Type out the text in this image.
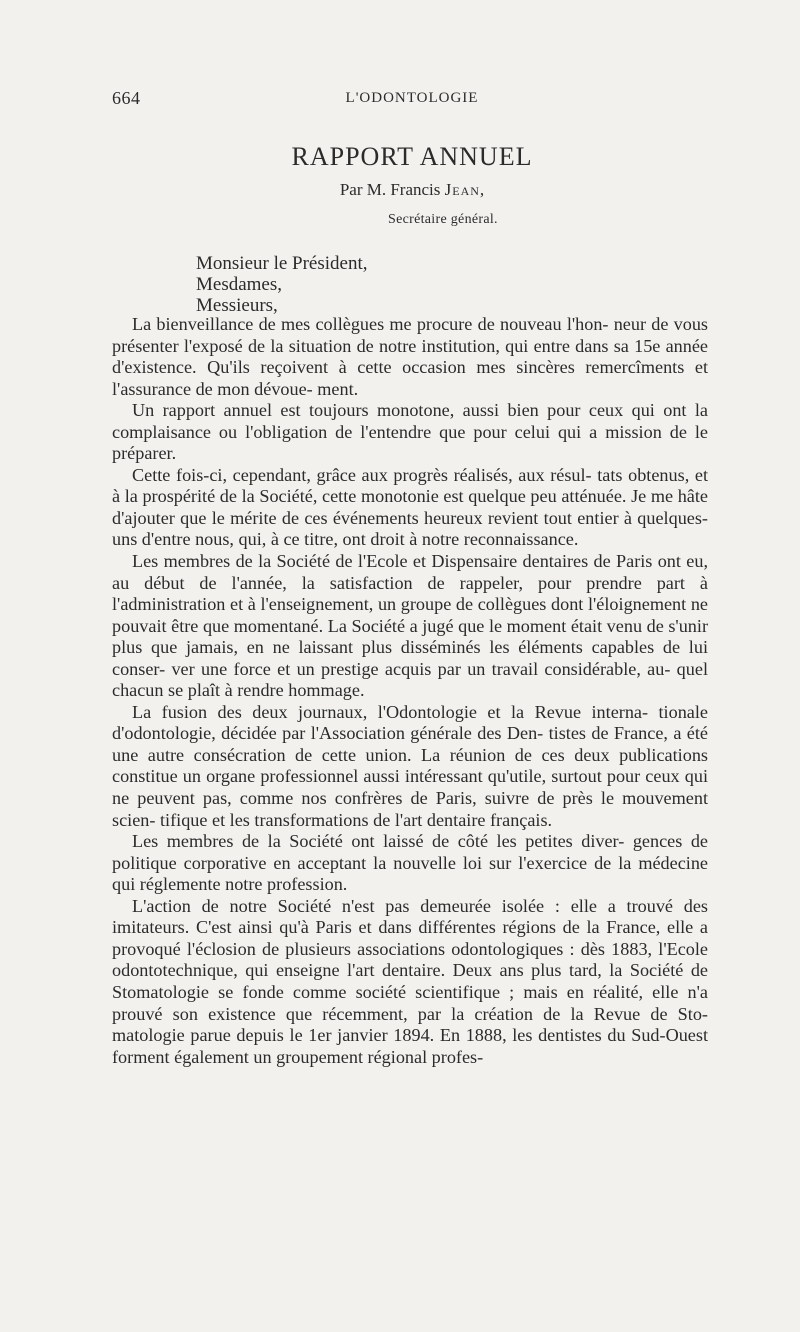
664	L'ODONTOLOGIE
RAPPORT ANNUEL
Par M. Francis Jean,
Secrétaire général.
Monsieur le Président,
Mesdames,
Messieurs,

La bienveillance de mes collègues me procure de nouveau l'hon- neur de vous présenter l'exposé de la situation de notre institution, qui entre dans sa 15e année d'existence. Qu'ils reçoivent à cette occasion mes sincères remercîments et l'assurance de mon dévoue- ment.

Un rapport annuel est toujours monotone, aussi bien pour ceux qui ont la complaisance ou l'obligation de l'entendre que pour celui qui a mission de le préparer.

Cette fois-ci, cependant, grâce aux progrès réalisés, aux résul- tats obtenus, et à la prospérité de la Société, cette monotonie est quelque peu atténuée. Je me hâte d'ajouter que le mérite de ces événements heureux revient tout entier à quelques-uns d'entre nous, qui, à ce titre, ont droit à notre reconnaissance.

Les membres de la Société de l'Ecole et Dispensaire dentaires de Paris ont eu, au début de l'année, la satisfaction de rappeler, pour prendre part à l'administration et à l'enseignement, un groupe de collègues dont l'éloignement ne pouvait être que momentané. La Société a jugé que le moment était venu de s'unir plus que jamais, en ne laissant plus disséminés les éléments capables de lui conser- ver une force et un prestige acquis par un travail considérable, au- quel chacun se plaît à rendre hommage.

La fusion des deux journaux, l'Odontologie et la Revue interna- tionale d'odontologie, décidée par l'Association générale des Den- tistes de France, a été une autre consécration de cette union. La réunion de ces deux publications constitue un organe professionnel aussi intéressant qu'utile, surtout pour ceux qui ne peuvent pas, comme nos confrères de Paris, suivre de près le mouvement scien- tifique et les transformations de l'art dentaire français.

Les membres de la Société ont laissé de côté les petites diver- gences de politique corporative en acceptant la nouvelle loi sur l'exercice de la médecine qui réglemente notre profession.

L'action de notre Société n'est pas demeurée isolée : elle a trouvé des imitateurs. C'est ainsi qu'à Paris et dans différentes régions de la France, elle a provoqué l'éclosion de plusieurs associations odontologiques : dès 1883, l'Ecole odontotechnique, qui enseigne l'art dentaire. Deux ans plus tard, la Société de Stomatologie se fonde comme société scientifique ; mais en réalité, elle n'a prouvé son existence que récemment, par la création de la Revue de Sto- matologie parue depuis le 1er janvier 1894. En 1888, les dentistes du Sud-Ouest forment également un groupement régional profes-
